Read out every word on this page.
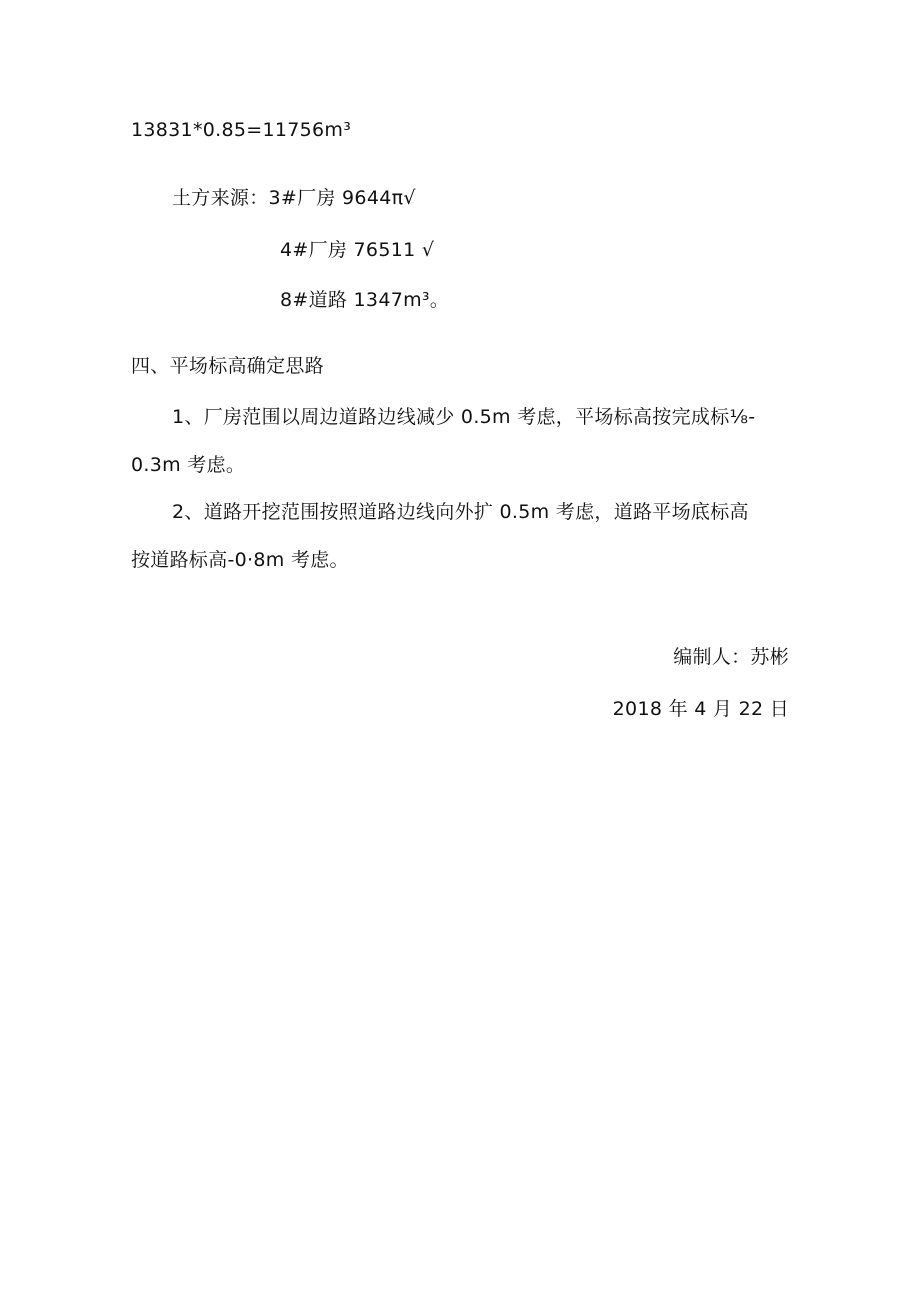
13831*0.85=11756m³
土方来源：3#厂房 9644π√
4#厂房 76511 √
8#道路 1347m³。
四、平场标高确定思路
1、厂房范围以周边道路边线减少 0.5m 考虑，平场标高按完成标⅛-
0.3m 考虑。
2、道路开挖范围按照道路边线向外扩 0.5m 考虑，道路平场底标高
按道路标高-0·8m 考虑。
编制人：苏彬
2018 年 4 月 22 日
